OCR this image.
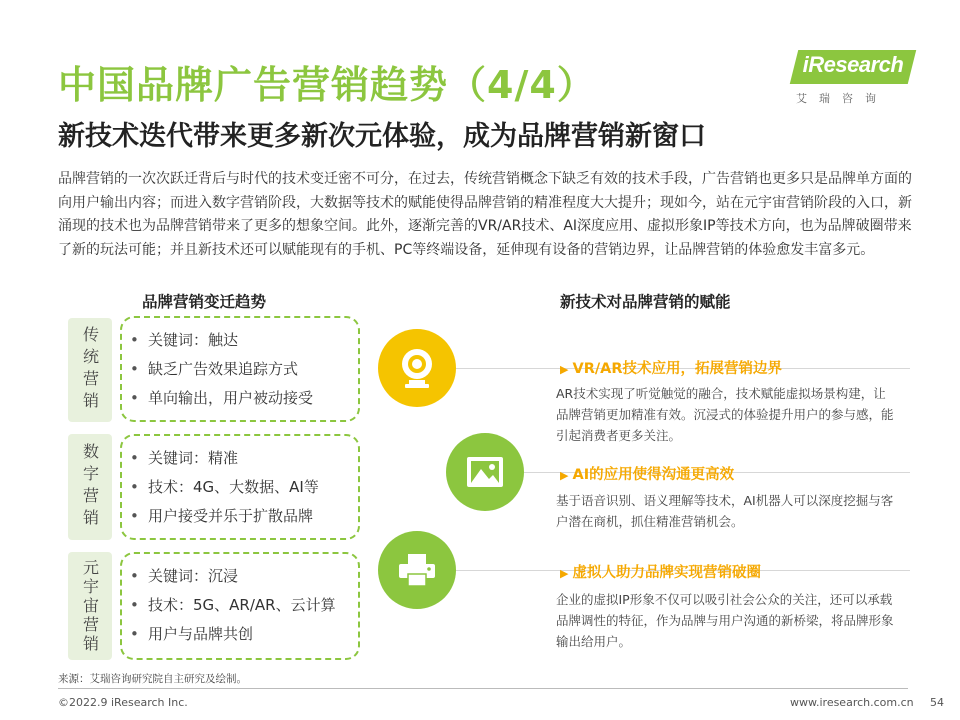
中国品牌广告营销趋势（4/4）
新技术迭代带来更多新次元体验，成为品牌营销新窗口
iResearch
艾瑞咨询
品牌营销的一次次跃迁背后与时代的技术变迁密不可分，在过去，传统营销概念下缺乏有效的技术手段，广告营销也更多只是品牌单方面的向用户输出内容；而进入数字营销阶段，大数据等技术的赋能使得品牌营销的精准程度大大提升；现如今，站在元宇宙营销阶段的入口，新涌现的技术也为品牌营销带来了更多的想象空间。此外，逐渐完善的VR/AR技术、AI深度应用、虚拟形象IP等技术方向，也为品牌破圈带来了新的玩法可能；并且新技术还可以赋能现有的手机、PC等终端设备，延伸现有设备的营销边界，让品牌营销的体验愈发丰富多元。
品牌营销变迁趋势
传统营销 • 关键词：触达
• 缺乏广告效果追踪方式
• 单向输出，用户被动接受
数字营销 • 关键词：精准
• 技术：4G、大数据、AI等
• 用户接受并乐于扩散品牌
元宇宙营销 • 关键词：沉浸
• 技术：5G、AR/AR、云计算
• 用户与品牌共创
新技术对品牌营销的赋能
▶ VR/AR技术应用，拓展营销边界
AR技术实现了听觉触觉的融合，技术赋能虚拟场景构建，让品牌营销更加精准有效。沉浸式的体验提升用户的参与感，能引起消费者更多关注。
▶ AI的应用使得沟通更高效
基于语音识别、语义理解等技术，AI机器人可以深度挖掘与客户潜在商机，抓住精准营销机会。
▶ 虚拟人助力品牌实现营销破圈
企业的虚拟IP形象不仅可以吸引社会公众的关注，还可以承载品牌调性的特征，作为品牌与用户沟通的新桥梁，将品牌形象输出给用户。
来源：艾瑞咨询研究院自主研究及绘制。
©2022.9 iResearch Inc.	www.iresearch.com.cn 54
